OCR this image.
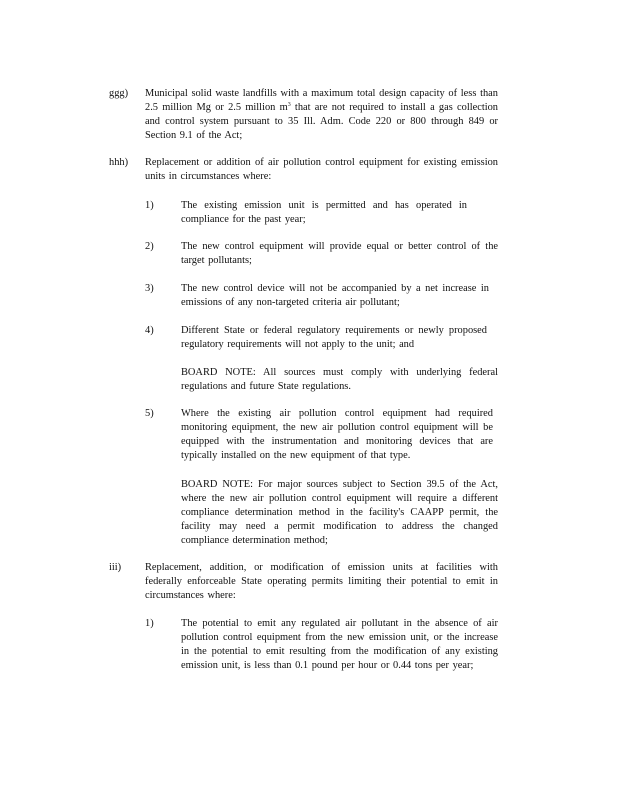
ggg) Municipal solid waste landfills with a maximum total design capacity of less than 2.5 million Mg or 2.5 million $m^3$ that are not required to install a gas collection and control system pursuant to 35 Ill. Adm. Code 220 or 800 through 849 or Section 9.1 of the Act;
hhh) Replacement or addition of air pollution control equipment for existing emission units in circumstances where:
1)	The existing emission unit is permitted and has operated in compliance for the past year;
2)	The new control equipment will provide equal or better control of the target pollutants;
3)	The new control device will not be accompanied by a net increase in emissions of any non-targeted criteria air pollutant;
4)	Different State or federal regulatory requirements or newly proposed regulatory requirements will not apply to the unit; and
BOARD NOTE: All sources must comply with underlying federal regulations and future State regulations.
5)	Where the existing air pollution control equipment had required monitoring equipment, the new air pollution control equipment will be equipped with the instrumentation and monitoring devices that are typically installed on the new equipment of that type.
BOARD NOTE: For major sources subject to Section 39.5 of the Act, where the new air pollution control equipment will require a different compliance determination method in the facility's CAAPP permit, the facility may need a permit modification to address the changed compliance determination method;
iii) Replacement, addition, or modification of emission units at facilities with federally enforceable State operating permits limiting their potential to emit in circumstances where:
1)	The potential to emit any regulated air pollutant in the absence of air pollution control equipment from the new emission unit, or the increase in the potential to emit resulting from the modification of any existing emission unit, is less than 0.1 pound per hour or 0.44 tons per year;
